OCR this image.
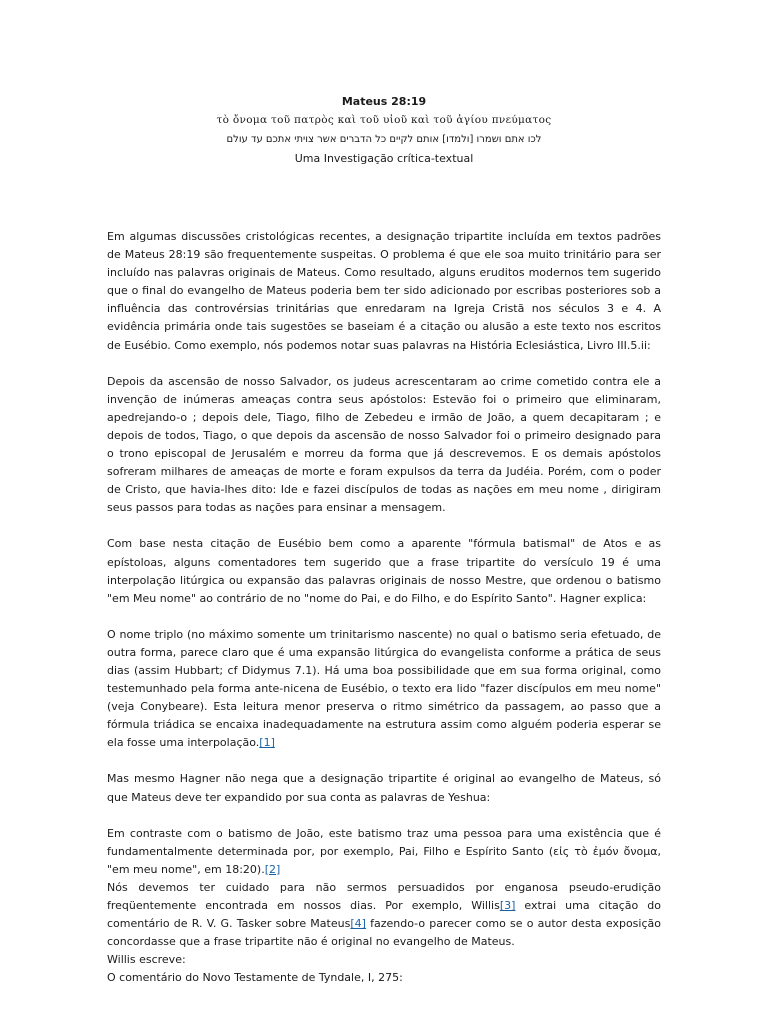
Mateus 28:19
τὸ ὄνομα τοῦ πατρὸς καὶ τοῦ υἱοῦ καὶ τοῦ ἁγίου πνεύματος
לכו אתם ושמרו [ולמדו] אותם לקיים כל הדברים אשר צויתי אתכם עד עולם
Uma Investigação crítica-textual

Em algumas discussões cristológicas recentes, a designação tripartite incluída em textos padrões de Mateus 28:19 são frequentemente suspeitas. O problema é que ele soa muito trinitário para ser incluído nas palavras originais de Mateus. Como resultado, alguns eruditos modernos tem sugerido que o final do evangelho de Mateus poderia bem ter sido adicionado por escribas posteriores sob a influência das controvérsias trinitárias que enredaram na Igreja Cristã nos séculos 3 e 4. A evidência primária onde tais sugestões se baseiam é a citação ou alusão a este texto nos escritos de Eusébio. Como exemplo, nós podemos notar suas palavras na História Eclesiástica, Livro III.5.ii:

Depois da ascensão de nosso Salvador, os judeus acrescentaram ao crime cometido contra ele a invenção de inúmeras ameaças contra seus apóstolos: Estevão foi o primeiro que eliminaram, apedrejando-o ; depois dele, Tiago, filho de Zebedeu e irmão de João, a quem decapitaram ; e depois de todos, Tiago, o que depois da ascensão de nosso Salvador foi o primeiro designado para o trono episcopal de Jerusalém e morreu da forma que já descrevemos. E os demais apóstolos sofreram milhares de ameaças de morte e foram expulsos da terra da Judéia. Porém, com o poder de Cristo, que havia-lhes dito: Ide e fazei discípulos de todas as nações em meu nome , dirigiram seus passos para todas as nações para ensinar a mensagem.

Com base nesta citação de Eusébio bem como a aparente "fórmula batismal" de Atos e as epístoloas, alguns comentadores tem sugerido que a frase tripartite do versículo 19 é uma interpolação litúrgica ou expansão das palavras originais de nosso Mestre, que ordenou o batismo "em Meu nome" ao contrário de no "nome do Pai, e do Filho, e do Espírito Santo". Hagner explica:

O nome triplo (no máximo somente um trinitarismo nascente) no qual o batismo seria efetuado, de outra forma, parece claro que é uma expansão litúrgica do evangelista conforme a prática de seus dias (assim Hubbart; cf Didymus 7.1). Há uma boa possibilidade que em sua forma original, como testemunhado pela forma ante-nicena de Eusébio, o texto era lido "fazer discípulos em meu nome" (veja Conybeare). Esta leitura menor preserva o ritmo simétrico da passagem, ao passo que a fórmula triádica se encaixa inadequadamente na estrutura assim como alguém poderia esperar se ela fosse uma interpolação.[1]

Mas mesmo Hagner não nega que a designação tripartite é original ao evangelho de Mateus, só que Mateus deve ter expandido por sua conta as palavras de Yeshua:

Em contraste com o batismo de João, este batismo traz uma pessoa para uma existência que é fundamentalmente determinada por, por exemplo, Pai, Filho e Espírito Santo (εἰς τὸ ἐμόν ὄνομα, "em meu nome", em 18:20).[2]

Nós devemos ter cuidado para não sermos persuadidos por enganosa pseudo-erudição freqüentemente encontrada em nossos dias. Por exemplo, Willis[3] extrai uma citação do comentário de R. V. G. Tasker sobre Mateus[4] fazendo-o parecer como se o autor desta exposição concordasse que a frase tripartite não é original no evangelho de Mateus.

Willis escreve:

O comentário do Novo Testamente de Tyndale, I, 275:
